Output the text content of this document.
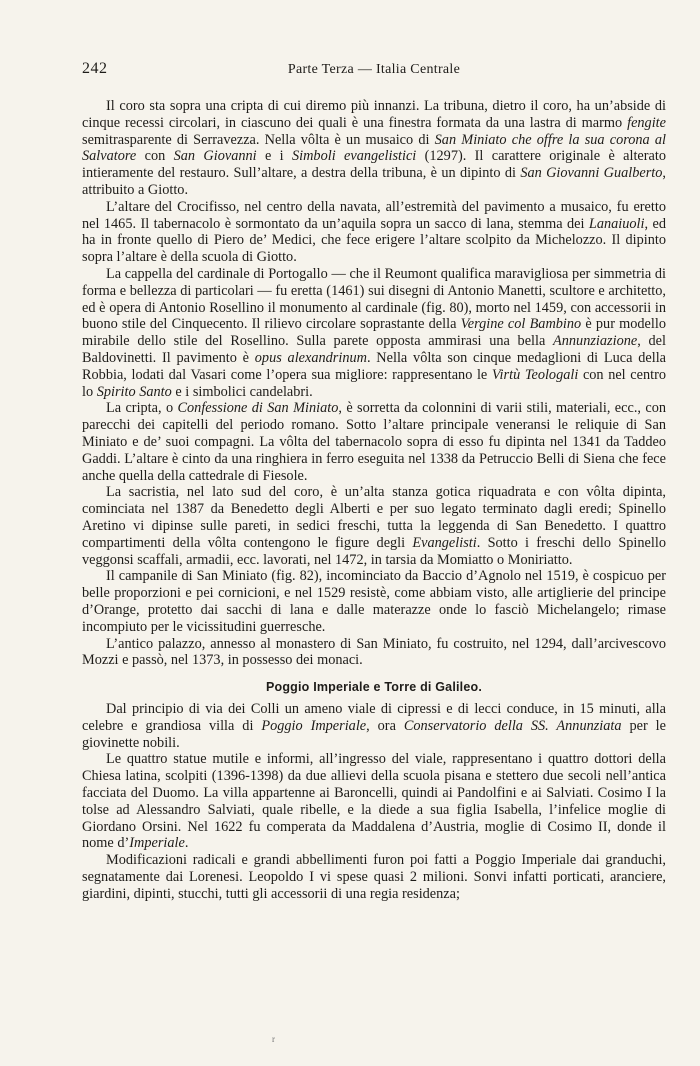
242	Parte Terza — Italia Centrale

Il coro sta sopra una cripta di cui diremo più innanzi. La tribuna, dietro il coro, ha un’abside di cinque recessi circolari, in ciascuno dei quali è una finestra formata da una lastra di marmo fengite semitrasparente di Serravezza. Nella vôlta è un musaico di San Miniato che offre la sua corona al Salvatore con San Giovanni e i Simboli evangelistici (1297). Il carattere originale è alterato intieramente del restauro. Sull’altare, a destra della tribuna, è un dipinto di San Giovanni Gualberto, attribuito a Giotto.

L’altare del Crocifisso, nel centro della navata, all’estremità del pavimento a musaico, fu eretto nel 1465. Il tabernacolo è sormontato da un’aquila sopra un sacco di lana, stemma dei Lanaiuoli, ed ha in fronte quello di Piero de’ Medici, che fece erigere l’altare scolpito da Michelozzo. Il dipinto sopra l’altare è della scuola di Giotto.

La cappella del cardinale di Portogallo — che il Reumont qualifica maravigliosa per simmetria di forma e bellezza di particolari — fu eretta (1461) sui disegni di Antonio Manetti, scultore e architetto, ed è opera di Antonio Rosellino il monumento al cardinale (fig. 80), morto nel 1459, con accessorii in buono stile del Cinquecento. Il rilievo circolare soprastante della Vergine col Bambino è pur modello mirabile dello stile del Rosellino. Sulla parete opposta ammirasi una bella Annunziazione, del Baldovinetti. Il pavimento è opus alexandrinum. Nella vôlta son cinque medaglioni di Luca della Robbia, lodati dal Vasari come l’opera sua migliore: rappresentano le Virtù Teologali con nel centro lo Spirito Santo e i simbolici candelabri.

La cripta, o Confessione di San Miniato, è sorretta da colonnini di varii stili, materiali, ecc., con parecchi dei capitelli del periodo romano. Sotto l’altare principale veneransi le reliquie di San Miniato e de’ suoi compagni. La vôlta del tabernacolo sopra di esso fu dipinta nel 1341 da Taddeo Gaddi. L’altare è cinto da una ringhiera in ferro eseguita nel 1338 da Petruccio Belli di Siena che fece anche quella della cattedrale di Fiesole.

La sacristia, nel lato sud del coro, è un’alta stanza gotica riquadrata e con vôlta dipinta, cominciata nel 1387 da Benedetto degli Alberti e per suo legato terminato dagli eredi; Spinello Aretino vi dipinse sulle pareti, in sedici freschi, tutta la leggenda di San Benedetto. I quattro compartimenti della vôlta contengono le figure degli Evangelisti. Sotto i freschi dello Spinello veggonsi scaffali, armadii, ecc. lavorati, nel 1472, in tarsia da Momiatto o Moniriatto.

Il campanile di San Miniato (fig. 82), incominciato da Baccio d’Agnolo nel 1519, è cospicuo per belle proporzioni e pei cornicioni, e nel 1529 resistè, come abbiam visto, alle artiglierie del principe d’Orange, protetto dai sacchi di lana e dalle materazze onde lo fasciò Michelangelo; rimase incompiuto per le vicissitudini guerresche.

L’antico palazzo, annesso al monastero di San Miniato, fu costruito, nel 1294, dall’arcivescovo Mozzi e passò, nel 1373, in possesso dei monaci.

Poggio Imperiale e Torre di Galileo.

Dal principio di via dei Colli un ameno viale di cipressi e di lecci conduce, in 15 minuti, alla celebre e grandiosa villa di Poggio Imperiale, ora Conservatorio della SS. Annunziata per le giovinette nobili.

Le quattro statue mutile e informi, all’ingresso del viale, rappresentano i quattro dottori della Chiesa latina, scolpiti (1396-1398) da due allievi della scuola pisana e stettero due secoli nell’antica facciata del Duomo. La villa appartenne ai Baroncelli, quindi ai Pandolfini e ai Salviati. Cosimo I la tolse ad Alessandro Salviati, quale ribelle, e la diede a sua figlia Isabella, l’infelice moglie di Giordano Orsini. Nel 1622 fu comperata da Maddalena d’Austria, moglie di Cosimo II, donde il nome d’Imperiale.

Modificazioni radicali e grandi abbellimenti furon poi fatti a Poggio Imperiale dai granduchi, segnatamente dai Lorenesi. Leopoldo I vi spese quasi 2 milioni. Sonvi infatti porticati, aranciere, giardini, dipinti, stucchi, tutti gli accessorii di una regia residenza;

r
